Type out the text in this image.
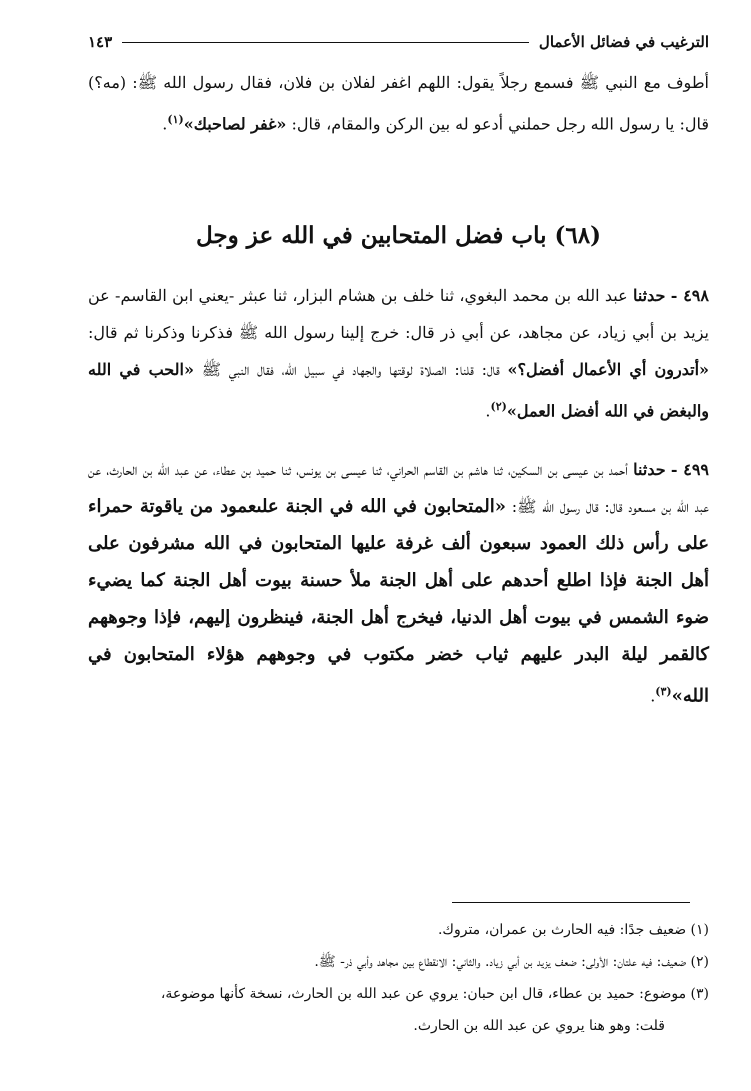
الترغيب في فضائل الأعمال
١٤٣
أطوف مع النبي ﷺ فسمع رجلاً يقول: اللهم اغفر لفلان بن فلان، فقال رسول الله ﷺ: (مه؟) قال: يا رسول الله رجل حملني أدعو له بين الركن والمقام، قال: «غفر لصاحبك»$^{(١)}$.
(٦٨) باب فضل المتحابين في الله عز وجل
٤٩٨ - حدثنا عبد الله بن محمد البغوي، ثنا خلف بن هشام البزار، ثنا عبثر -يعني ابن القاسم- عن يزيد بن أبي زياد، عن مجاهد، عن أبي ذر قال: خرج إلينا رسول الله ﷺ فذكرنا وذكرنا ثم قال: «أتدرون أي الأعمال أفضل؟» قال: قلنا: الصلاة لوقتها والجهاد في سبيل الله، فقال النبي ﷺ «الحب في الله والبغض في الله أفضل العمل»$^{(٢)}$.
٤٩٩ - حدثنا أحمد بن عيسى بن السكين، ثنا هاشم بن القاسم الحراني، ثنا عيسى بن يونس، ثنا حميد بن عطاء، عن عبد الله بن الحارث، عن عبد الله بن مسعود قال: قال رسول الله ﷺ: «المتحابون في الله في الجنة علىعمود من ياقوتة حمراء على رأس ذلك العمود سبعون ألف غرفة عليها المتحابون في الله مشرفون على أهل الجنة فإذا اطلع أحدهم على أهل الجنة ملأ حسنة بيوت أهل الجنة كما يضيء ضوء الشمس في بيوت أهل الدنيا، فيخرج أهل الجنة، فينظرون إليهم، فإذا وجوههم كالقمر ليلة البدر عليهم ثياب خضر مكتوب في وجوههم هؤلاء المتحابون في الله»$^{(٣)}$.

(١) ضعيف جدًا: فيه الحارث بن عمران، متروك.

(٢) ضعيف: فيه علتان: الأولى: ضعف يزيد بن أبي زياد. والثاني: الانقطاع بين مجاهد وأبي ذر- ﷺ.

(٣) موضوع: حميد بن عطاء، قال ابن حبان: يروي عن عبد الله بن الحارث، نسخة كأنها موضوعة،

قلت: وهو هنا يروي عن عبد الله بن الحارث.
